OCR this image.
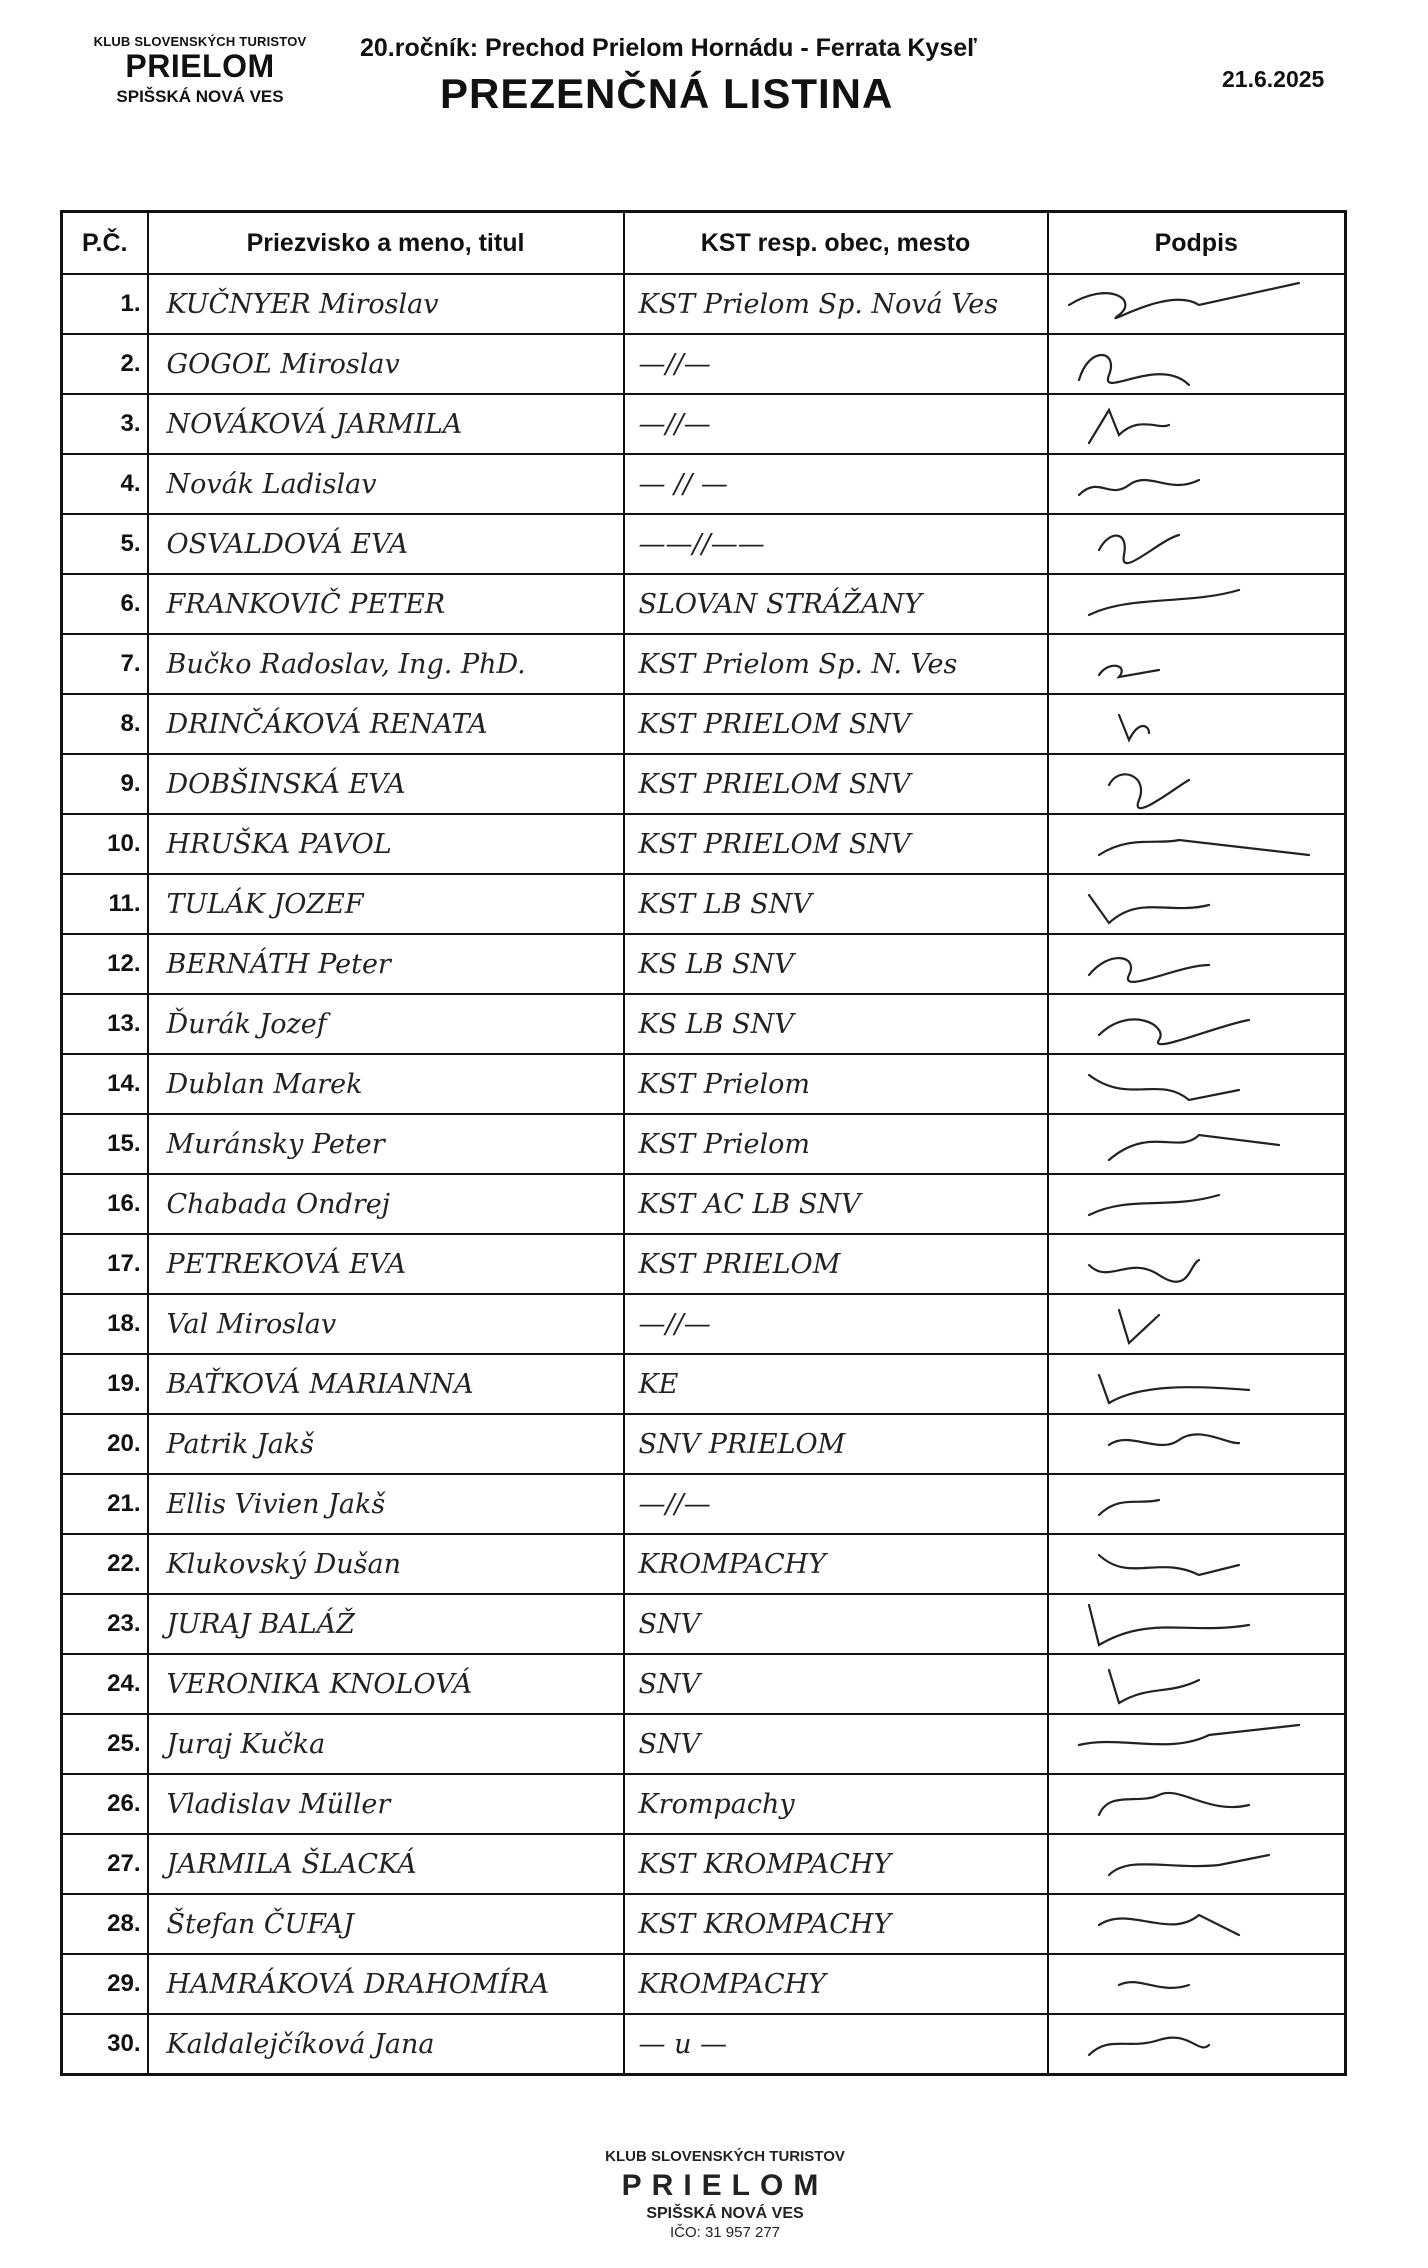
KLUB SLOVENSKÝCH TURISTOV
PRIELOM
SPIŠSKÁ NOVÁ VES
20.ročník: Prechod Prielom Hornádu - Ferrata Kyseľ
PREZENČNÁ LISTINA	21.6.2025
P.Č.	Priezvisko a meno, titul	KST resp. obec, mesto	Podpis
1.	KUČNYER Miroslav	KST Prielom Sp. Nová Ves	

2.	GOGOĽ Miroslav	—//—	

3.	NOVÁKOVÁ JARMILA	—//—	

4.	Novák Ladislav	— // —	

5.	OSVALDOVÁ EVA	——//——	

6.	FRANKOVIČ PETER	SLOVAN STRÁŽANY	

7.	Bučko Radoslav, Ing. PhD.	KST Prielom Sp. N. Ves	

8.	DRINČÁKOVÁ RENATA	KST PRIELOM SNV	

9.	DOBŠINSKÁ EVA	KST PRIELOM SNV	

10.	HRUŠKA PAVOL	KST PRIELOM SNV	

11.	TULÁK JOZEF	KST LB SNV	

12.	BERNÁTH Peter	KS LB SNV	

13.	Ďurák Jozef	KS LB SNV	

14.	Dublan Marek	KST Prielom	

15.	Muránsky Peter	KST Prielom	

16.	Chabada Ondrej	KST AC LB SNV	

17.	PETREKOVÁ EVA	KST PRIELOM	

18.	Val Miroslav	—//—	

19.	BAŤKOVÁ MARIANNA	KE	

20.	Patrik Jakš	SNV PRIELOM	

21.	Ellis Vivien Jakš	—//—	

22.	Klukovský Dušan	KROMPACHY	

23.	JURAJ BALÁŽ	SNV	

24.	VERONIKA KNOLOVÁ	SNV	

25.	Juraj Kučka	SNV	

26.	Vladislav Müller	Krompachy	

27.	JARMILA ŠLACKÁ	KST KROMPACHY	

28.	Štefan ČUFAJ	KST KROMPACHY	

29.	HAMRÁKOVÁ DRAHOMÍRA	KROMPACHY	

30.	Kaldalejčíková Jana	— u —	
KLUB SLOVENSKÝCH TURISTOV
PRIELOM
SPIŠSKÁ NOVÁ VES
IČO: 31 957 277
